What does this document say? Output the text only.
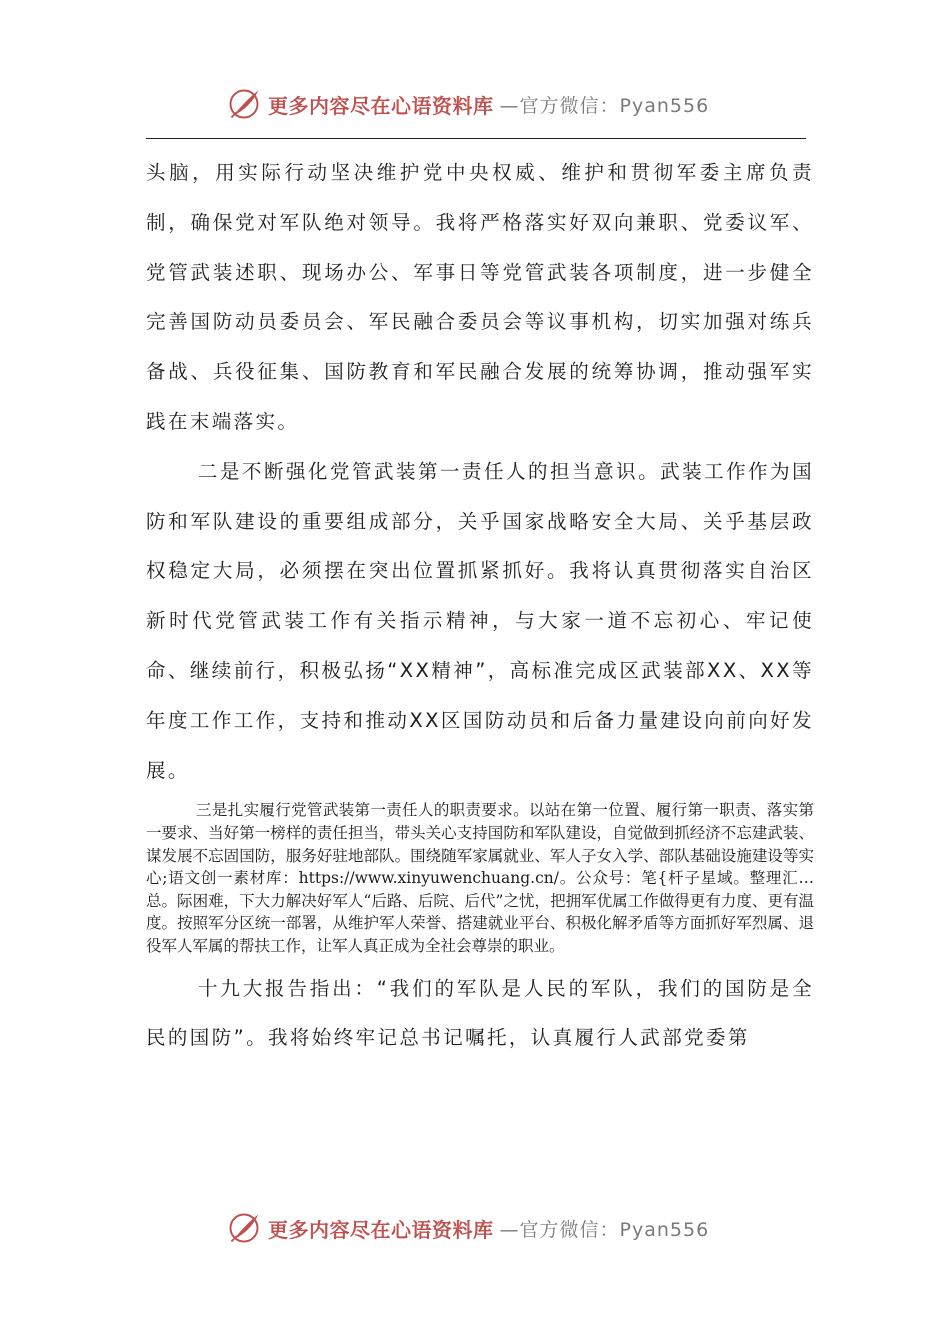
更多内容尽在心语资料库 —官方微信：Pyan556

头脑，用实际行动坚决维护党中央权威、维护和贯彻军委主席负责制，确保党对军队绝对领导。我将严格落实好双向兼职、党委议军、党管武装述职、现场办公、军事日等党管武装各项制度，进一步健全完善国防动员委员会、军民融合委员会等议事机构，切实加强对练兵备战、兵役征集、国防教育和军民融合发展的统筹协调，推动强军实践在末端落实。

二是不断强化党管武装第一责任人的担当意识。武装工作作为国防和军队建设的重要组成部分，关乎国家战略安全大局、关乎基层政权稳定大局，必须摆在突出位置抓紧抓好。我将认真贯彻落实自治区新时代党管武装工作有关指示精神，与大家一道不忘初心、牢记使命、继续前行，积极弘扬“XX精神”，高标准完成区武装部XX、XX等年度工作工作，支持和推动XX区国防动员和后备力量建设向前向好发展。

三是扎实履行党管武装第一责任人的职责要求。以站在第一位置、履行第一职责、落实第一要求、当好第一榜样的责任担当，带头关心支持国防和军队建设，自觉做到抓经济不忘建武装、谋发展不忘固国防，服务好驻地部队。围绕随军家属就业、军人子女入学、部队基础设施建设等实心;语文创一素材库：https://www.xinyuwenchuang.cn/。公众号：笔{杆子星域。整理汇…总。际困难，下大力解决好军人“后路、后院、后代”之忧，把拥军优属工作做得更有力度、更有温度。按照军分区统一部署，从维护军人荣誉、搭建就业平台、积极化解矛盾等方面抓好军烈属、退役军人军属的帮扶工作，让军人真正成为全社会尊崇的职业。

十九大报告指出：“我们的军队是人民的军队，我们的国防是全民的国防”。我将始终牢记总书记嘱托，认真履行人武部党委第

更多内容尽在心语资料库 —官方微信：Pyan556
